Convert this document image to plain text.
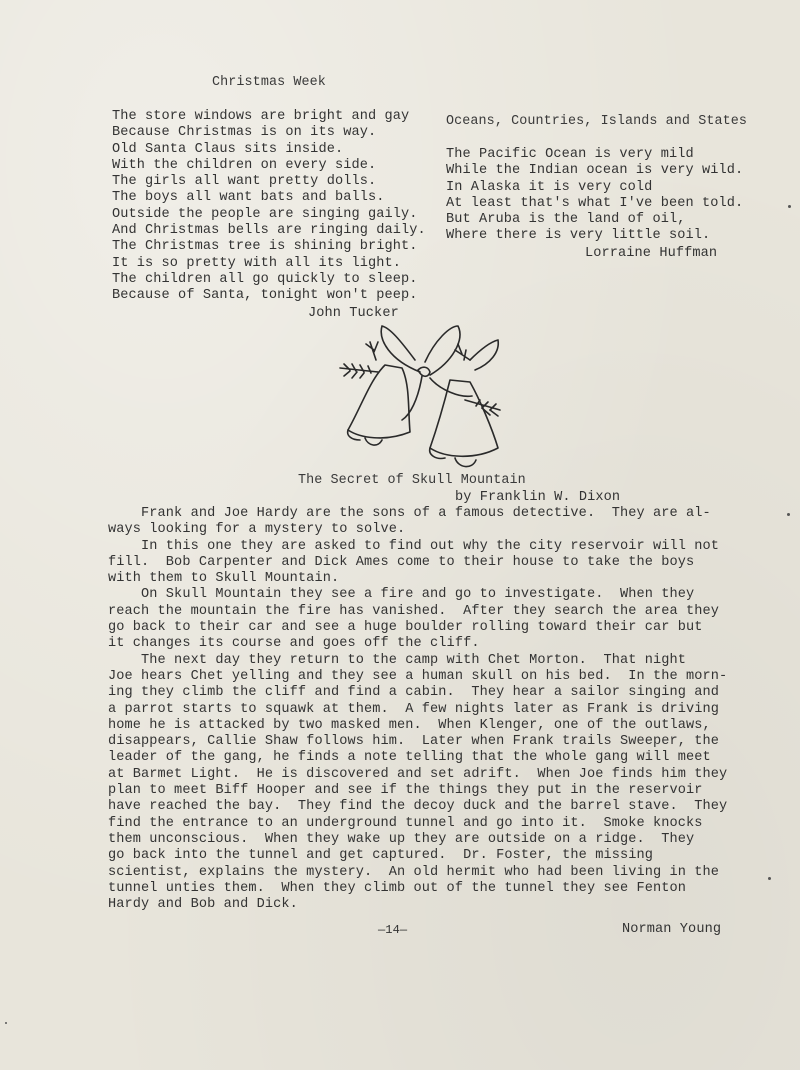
Christmas Week
The store windows are bright and gay
Because Christmas is on its way.
Old Santa Claus sits inside.
With the children on every side.
The girls all want pretty dolls.
The boys all want bats and balls.
Outside the people are singing gaily.
And Christmas bells are ringing daily.
The Christmas tree is shining bright.
It is so pretty with all its light.
The children all go quickly to sleep.
Because of Santa, tonight won't peep.
John Tucker
Oceans, Countries, Islands and States
The Pacific Ocean is very mild
While the Indian ocean is very wild.
In Alaska it is very cold
At least that's what I've been told.
But Aruba is the land of oil,
Where there is very little soil.
Lorraine Huffman
The Secret of Skull Mountain
by Franklin W. Dixon
Frank and Joe Hardy are the sons of a famous detective.  They are al-
ways looking for a mystery to solve.
In this one they are asked to find out why the city reservoir will not
fill.  Bob Carpenter and Dick Ames come to their house to take the boys
with them to Skull Mountain.
On Skull Mountain they see a fire and go to investigate.  When they
reach the mountain the fire has vanished.  After they search the area they
go back to their car and see a huge boulder rolling toward their car but
it changes its course and goes off the cliff.
The next day they return to the camp with Chet Morton.  That night
Joe hears Chet yelling and they see a human skull on his bed.  In the morn-
ing they climb the cliff and find a cabin.  They hear a sailor singing and
a parrot starts to squawk at them.  A few nights later as Frank is driving
home he is attacked by two masked men.  When Klenger, one of the outlaws,
disappears, Callie Shaw follows him.  Later when Frank trails Sweeper, the
leader of the gang, he finds a note telling that the whole gang will meet
at Barmet Light.  He is discovered and set adrift.  When Joe finds him they
plan to meet Biff Hooper and see if the things they put in the reservoir
have reached the bay.  They find the decoy duck and the barrel stave.  They
find the entrance to an underground tunnel and go into it.  Smoke knocks
them unconscious.  When they wake up they are outside on a ridge.  They
go back into the tunnel and get captured.  Dr. Foster, the missing
scientist, explains the mystery.  An old hermit who had been living in the
tunnel unties them.  When they climb out of the tunnel they see Fenton
Hardy and Bob and Dick.
—14—	Norman Young
